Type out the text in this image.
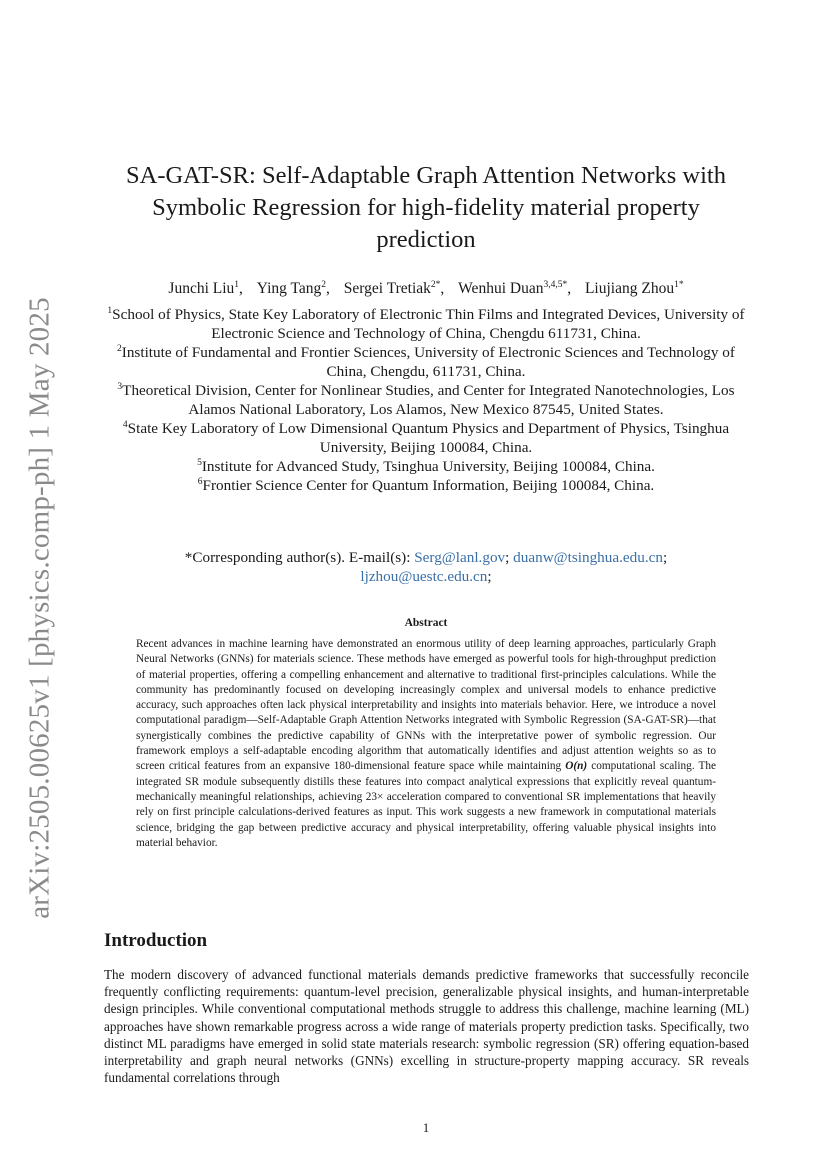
arXiv:2505.00625v1 [physics.comp-ph] 1 May 2025
SA-GAT-SR: Self-Adaptable Graph Attention Networks with Symbolic Regression for high-fidelity material property prediction
Junchi Liu$^1$, Ying Tang$^2$, Sergei Tretiak$^{2*}$, Wenhui Duan$^{3,4,5*}$, Liujiang Zhou$^{1*}$
$^1$School of Physics, State Key Laboratory of Electronic Thin Films and Integrated Devices, University of Electronic Science and Technology of China, Chengdu 611731, China.
$^2$Institute of Fundamental and Frontier Sciences, University of Electronic Sciences and Technology of China, Chengdu, 611731, China.
$^3$Theoretical Division, Center for Nonlinear Studies, and Center for Integrated Nanotechnologies, Los Alamos National Laboratory, Los Alamos, New Mexico 87545, United States.
$^4$State Key Laboratory of Low Dimensional Quantum Physics and Department of Physics, Tsinghua University, Beijing 100084, China.
$^5$Institute for Advanced Study, Tsinghua University, Beijing 100084, China.
$^6$Frontier Science Center for Quantum Information, Beijing 100084, China.
*Corresponding author(s). E-mail(s): Serg@lanl.gov; duanw@tsinghua.edu.cn;
ljzhou@uestc.edu.cn;
Abstract

Recent advances in machine learning have demonstrated an enormous utility of deep learning approaches, particularly Graph Neural Networks (GNNs) for materials science. These methods have emerged as powerful tools for high-throughput prediction of material properties, offering a compelling enhancement and alternative to traditional first-principles calculations. While the community has predominantly focused on developing increasingly complex and universal models to enhance predictive accuracy, such approaches often lack physical interpretability and insights into materials behavior. Here, we introduce a novel computational paradigm—Self-Adaptable Graph Attention Networks integrated with Symbolic Regression (SA-GAT-SR)—that synergistically combines the predictive capability of GNNs with the interpretative power of symbolic regression. Our framework employs a self-adaptable encoding algorithm that automatically identifies and adjust attention weights so as to screen critical features from an expansive 180-dimensional feature space while maintaining O(n) computational scaling. The integrated SR module subsequently distills these features into compact analytical expressions that explicitly reveal quantum-mechanically meaningful relationships, achieving 23× acceleration compared to conventional SR implementations that heavily rely on first principle calculations-derived features as input. This work suggests a new framework in computational materials science, bridging the gap between predictive accuracy and physical interpretability, offering valuable physical insights into material behavior.

Introduction

The modern discovery of advanced functional materials demands predictive frameworks that successfully reconcile frequently conflicting requirements: quantum-level precision, generalizable physical insights, and human-interpretable design principles. While conventional computational methods struggle to address this challenge, machine learning (ML) approaches have shown remarkable progress across a wide range of materials property prediction tasks. Specifically, two distinct ML paradigms have emerged in solid state materials research: symbolic regression (SR) offering equation-based interpretability and graph neural networks (GNNs) excelling in structure-property mapping accuracy. SR reveals fundamental correlations through

1
